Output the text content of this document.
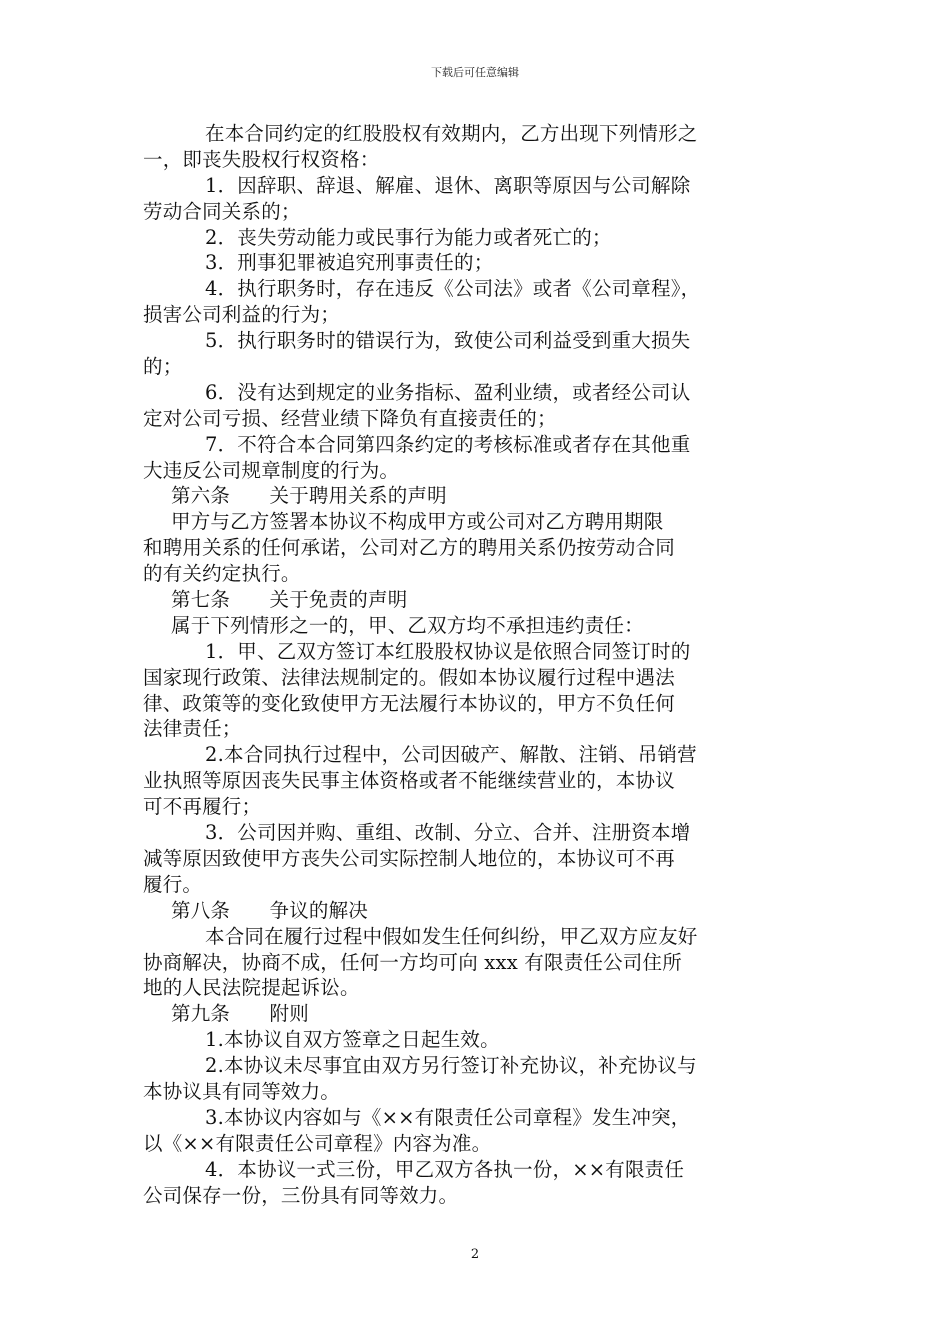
下载后可任意编辑
在本合同约定的红股股权有效期内，乙方出现下列情形之
一，即丧失股权行权资格：
1．因辞职、辞退、解雇、退休、离职等原因与公司解除
劳动合同关系的；
2．丧失劳动能力或民事行为能力或者死亡的；
3．刑事犯罪被追究刑事责任的；
4．执行职务时，存在违反《公司法》或者《公司章程》，
损害公司利益的行为；
5．执行职务时的错误行为，致使公司利益受到重大损失
的；
6．没有达到规定的业务指标、盈利业绩，或者经公司认
定对公司亏损、经营业绩下降负有直接责任的；
7．不符合本合同第四条约定的考核标准或者存在其他重
大违反公司规章制度的行为。
第六条　　关于聘用关系的声明
甲方与乙方签署本协议不构成甲方或公司对乙方聘用期限
和聘用关系的任何承诺，公司对乙方的聘用关系仍按劳动合同
的有关约定执行。
第七条　　关于免责的声明
属于下列情形之一的，甲、乙双方均不承担违约责任：
1．甲、乙双方签订本红股股权协议是依照合同签订时的
国家现行政策、法律法规制定的。假如本协议履行过程中遇法
律、政策等的变化致使甲方无法履行本协议的，甲方不负任何
法律责任；
2.本合同执行过程中，公司因破产、解散、注销、吊销营
业执照等原因丧失民事主体资格或者不能继续营业的，本协议
可不再履行；
3．公司因并购、重组、改制、分立、合并、注册资本增
减等原因致使甲方丧失公司实际控制人地位的，本协议可不再
履行。
第八条　　争议的解决
本合同在履行过程中假如发生任何纠纷，甲乙双方应友好
协商解决，协商不成，任何一方均可向 xxx 有限责任公司住所
地的人民法院提起诉讼。
第九条　　附则
1.本协议自双方签章之日起生效。
2.本协议未尽事宜由双方另行签订补充协议，补充协议与
本协议具有同等效力。
3.本协议内容如与《××有限责任公司章程》发生冲突，
以《××有限责任公司章程》内容为准。
4．本协议一式三份，甲乙双方各执一份，××有限责任
公司保存一份，三份具有同等效力。
2
